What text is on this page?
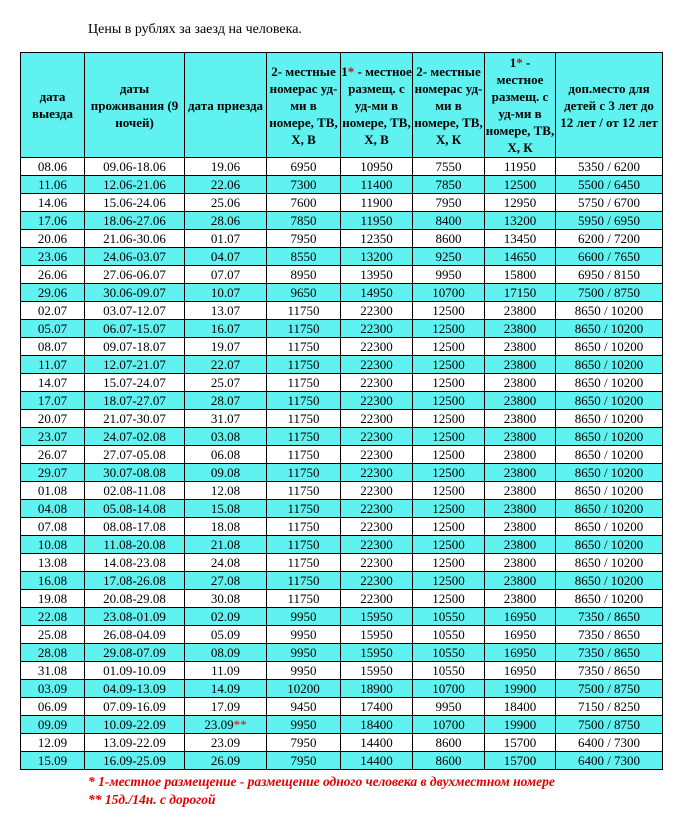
Цены в рублях за заезд на человека.
дата выезда	даты проживания (9 ночей)	дата приезда	2- местные номерас уд-ми в номере, ТВ, Х, В	1* - местное размещ. с уд-ми в номере, ТВ, Х, В	2- местные номерас уд-ми в номере, ТВ, Х, К	1* - местное размещ. с уд-ми в номере, ТВ, Х, К	доп.место для детей с 3 лет до 12 лет / от 12 лет
08.06	09.06-18.06	19.06	6950	10950	7550	11950	5350 / 6200
11.06	12.06-21.06	22.06	7300	11400	7850	12500	5500 / 6450
14.06	15.06-24.06	25.06	7600	11900	7950	12950	5750 / 6700
17.06	18.06-27.06	28.06	7850	11950	8400	13200	5950 / 6950
20.06	21.06-30.06	01.07	7950	12350	8600	13450	6200 / 7200
23.06	24.06-03.07	04.07	8550	13200	9250	14650	6600 / 7650
26.06	27.06-06.07	07.07	8950	13950	9950	15800	6950 / 8150
29.06	30.06-09.07	10.07	9650	14950	10700	17150	7500 / 8750
02.07	03.07-12.07	13.07	11750	22300	12500	23800	8650 / 10200
05.07	06.07-15.07	16.07	11750	22300	12500	23800	8650 / 10200
08.07	09.07-18.07	19.07	11750	22300	12500	23800	8650 / 10200
11.07	12.07-21.07	22.07	11750	22300	12500	23800	8650 / 10200
14.07	15.07-24.07	25.07	11750	22300	12500	23800	8650 / 10200
17.07	18.07-27.07	28.07	11750	22300	12500	23800	8650 / 10200
20.07	21.07-30.07	31.07	11750	22300	12500	23800	8650 / 10200
23.07	24.07-02.08	03.08	11750	22300	12500	23800	8650 / 10200
26.07	27.07-05.08	06.08	11750	22300	12500	23800	8650 / 10200
29.07	30.07-08.08	09.08	11750	22300	12500	23800	8650 / 10200
01.08	02.08-11.08	12.08	11750	22300	12500	23800	8650 / 10200
04.08	05.08-14.08	15.08	11750	22300	12500	23800	8650 / 10200
07.08	08.08-17.08	18.08	11750	22300	12500	23800	8650 / 10200
10.08	11.08-20.08	21.08	11750	22300	12500	23800	8650 / 10200
13.08	14.08-23.08	24.08	11750	22300	12500	23800	8650 / 10200
16.08	17.08-26.08	27.08	11750	22300	12500	23800	8650 / 10200
19.08	20.08-29.08	30.08	11750	22300	12500	23800	8650 / 10200
22.08	23.08-01.09	02.09	9950	15950	10550	16950	7350 / 8650
25.08	26.08-04.09	05.09	9950	15950	10550	16950	7350 / 8650
28.08	29.08-07.09	08.09	9950	15950	10550	16950	7350 / 8650
31.08	01.09-10.09	11.09	9950	15950	10550	16950	7350 / 8650
03.09	04.09-13.09	14.09	10200	18900	10700	19900	7500 / 8750
06.09	07.09-16.09	17.09	9450	17400	9950	18400	7150 / 8250
09.09	10.09-22.09	23.09**	9950	18400	10700	19900	7500 / 8750
12.09	13.09-22.09	23.09	7950	14400	8600	15700	6400 / 7300
15.09	16.09-25.09	26.09	7950	14400	8600	15700	6400 / 7300
* 1-местное размещение - размещение одного человека в двухместном номере
** 15д./14н. с дорогой
